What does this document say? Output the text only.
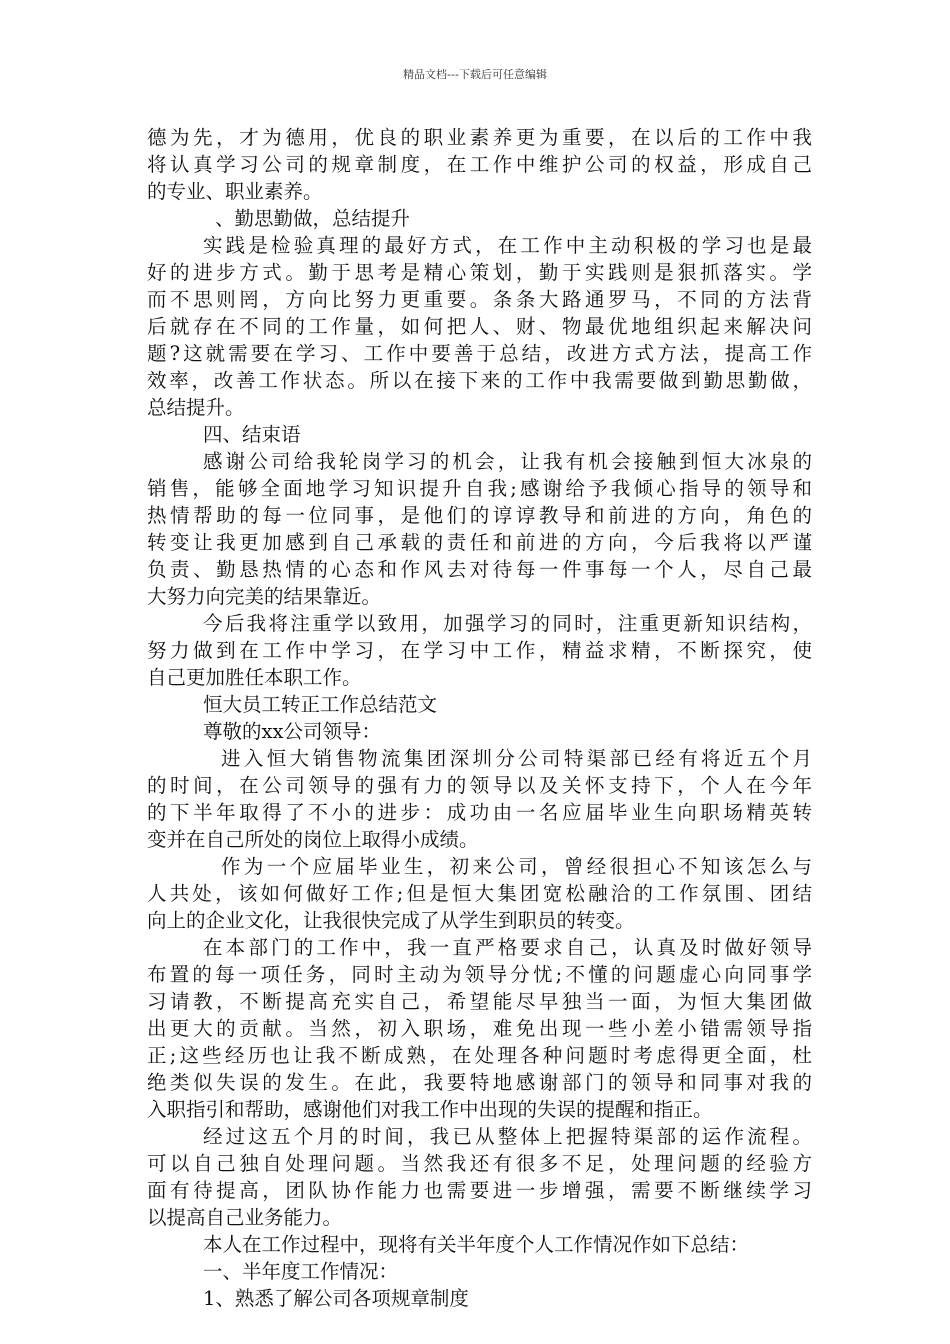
精品文档---下载后可任意编辑
德为先，才为德用，优良的职业素养更为重要，在以后的工作中我
将认真学习公司的规章制度，在工作中维护公司的权益，形成自己
的专业、职业素养。
、勤思勤做，总结提升
实践是检验真理的最好方式，在工作中主动积极的学习也是最
好的进步方式。勤于思考是精心策划，勤于实践则是狠抓落实。学
而不思则罔，方向比努力更重要。条条大路通罗马，不同的方法背
后就存在不同的工作量，如何把人、财、物最优地组织起来解决问
题?这就需要在学习、工作中要善于总结，改进方式方法，提高工作
效率，改善工作状态。所以在接下来的工作中我需要做到勤思勤做，
总结提升。
四、结束语
感谢公司给我轮岗学习的机会，让我有机会接触到恒大冰泉的
销售，能够全面地学习知识提升自我;感谢给予我倾心指导的领导和
热情帮助的每一位同事，是他们的谆谆教导和前进的方向，角色的
转变让我更加感到自己承载的责任和前进的方向，今后我将以严谨
负责、勤恳热情的心态和作风去对待每一件事每一个人，尽自己最
大努力向完美的结果靠近。
今后我将注重学以致用，加强学习的同时，注重更新知识结构，
努力做到在工作中学习，在学习中工作，精益求精，不断探究，使
自己更加胜任本职工作。
恒大员工转正工作总结范文
尊敬的xx公司领导：
进入恒大销售物流集团深圳分公司特渠部已经有将近五个月
的时间，在公司领导的强有力的领导以及关怀支持下，个人在今年
的下半年取得了不小的进步：成功由一名应届毕业生向职场精英转
变并在自己所处的岗位上取得小成绩。
作为一个应届毕业生，初来公司，曾经很担心不知该怎么与
人共处，该如何做好工作;但是恒大集团宽松融洽的工作氛围、团结
向上的企业文化，让我很快完成了从学生到职员的转变。
在本部门的工作中，我一直严格要求自己，认真及时做好领导
布置的每一项任务，同时主动为领导分忧;不懂的问题虚心向同事学
习请教，不断提高充实自己，希望能尽早独当一面，为恒大集团做
出更大的贡献。当然，初入职场，难免出现一些小差小错需领导指
正;这些经历也让我不断成熟，在处理各种问题时考虑得更全面，杜
绝类似失误的发生。在此，我要特地感谢部门的领导和同事对我的
入职指引和帮助，感谢他们对我工作中出现的失误的提醒和指正。
经过这五个月的时间，我已从整体上把握特渠部的运作流程。
可以自己独自处理问题。当然我还有很多不足，处理问题的经验方
面有待提高，团队协作能力也需要进一步增强，需要不断继续学习
以提高自己业务能力。
本人在工作过程中，现将有关半年度个人工作情况作如下总结：
一、半年度工作情况：
1、熟悉了解公司各项规章制度
